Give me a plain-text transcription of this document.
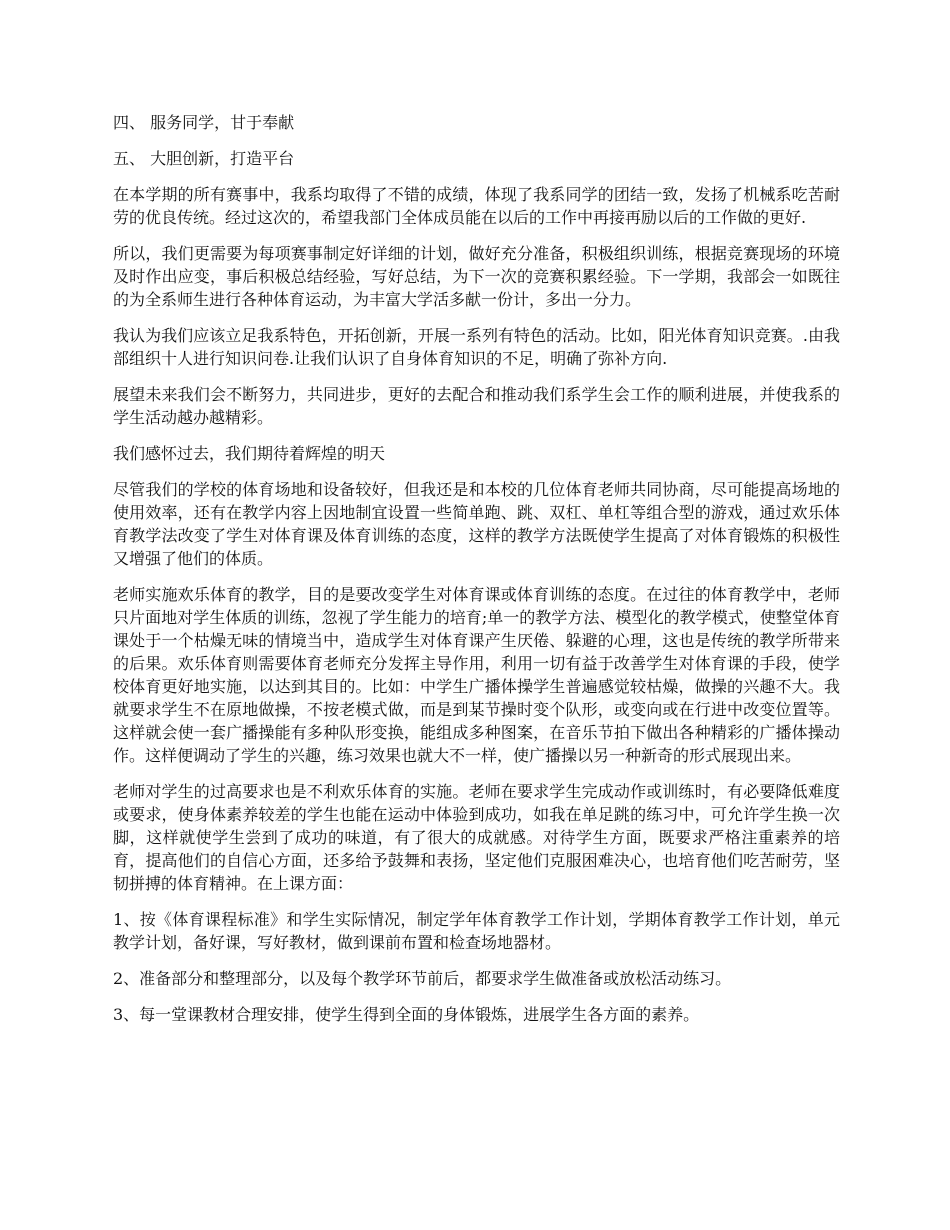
四、 服务同学，甘于奉献

五、 大胆创新，打造平台

在本学期的所有赛事中，我系均取得了不错的成绩，体现了我系同学的团结一致，发扬了机械系吃苦耐劳的优良传统。经过这次的，希望我部门全体成员能在以后的工作中再接再励以后的工作做的更好.

所以，我们更需要为每项赛事制定好详细的计划，做好充分准备，积极组织训练，根据竞赛现场的环境及时作出应变，事后积极总结经验，写好总结，为下一次的竞赛积累经验。下一学期，我部会一如既往的为全系师生进行各种体育运动，为丰富大学活多献一份计，多出一分力。

我认为我们应该立足我系特色，开拓创新，开展一系列有特色的活动。比如，阳光体育知识竞赛。.由我部组织十人进行知识问卷.让我们认识了自身体育知识的不足，明确了弥补方向.

展望未来我们会不断努力，共同进步，更好的去配合和推动我们系学生会工作的顺利进展，并使我系的学生活动越办越精彩。

我们感怀过去，我们期待着辉煌的明天

尽管我们的学校的体育场地和设备较好，但我还是和本校的几位体育老师共同协商，尽可能提高场地的使用效率，还有在教学内容上因地制宜设置一些简单跑、跳、双杠、单杠等组合型的游戏，通过欢乐体育教学法改变了学生对体育课及体育训练的态度，这样的教学方法既使学生提高了对体育锻炼的积极性又增强了他们的体质。

老师实施欢乐体育的教学，目的是要改变学生对体育课或体育训练的态度。在过往的体育教学中，老师只片面地对学生体质的训练，忽视了学生能力的培育;单一的教学方法、模型化的教学模式，使整堂体育课处于一个枯燥无味的情境当中，造成学生对体育课产生厌倦、躲避的心理，这也是传统的教学所带来的后果。欢乐体育则需要体育老师充分发挥主导作用，利用一切有益于改善学生对体育课的手段，使学校体育更好地实施，以达到其目的。比如：中学生广播体操学生普遍感觉较枯燥，做操的兴趣不大。我就要求学生不在原地做操，不按老模式做，而是到某节操时变个队形，或变向或在行进中改变位置等。这样就会使一套广播操能有多种队形变换，能组成多种图案，在音乐节拍下做出各种精彩的广播体操动作。这样便调动了学生的兴趣，练习效果也就大不一样，使广播操以另一种新奇的形式展现出来。

老师对学生的过高要求也是不利欢乐体育的实施。老师在要求学生完成动作或训练时，有必要降低难度或要求，使身体素养较差的学生也能在运动中体验到成功，如我在单足跳的练习中，可允许学生换一次脚，这样就使学生尝到了成功的味道，有了很大的成就感。对待学生方面，既要求严格注重素养的培育，提高他们的自信心方面，还多给予鼓舞和表扬，坚定他们克服困难决心，也培育他们吃苦耐劳，坚韧拼搏的体育精神。在上课方面：

1、按《体育课程标准》和学生实际情况，制定学年体育教学工作计划，学期体育教学工作计划，单元教学计划，备好课，写好教材，做到课前布置和检查场地器材。

2、准备部分和整理部分，以及每个教学环节前后，都要求学生做准备或放松活动练习。

3、每一堂课教材合理安排，使学生得到全面的身体锻炼，进展学生各方面的素养。
